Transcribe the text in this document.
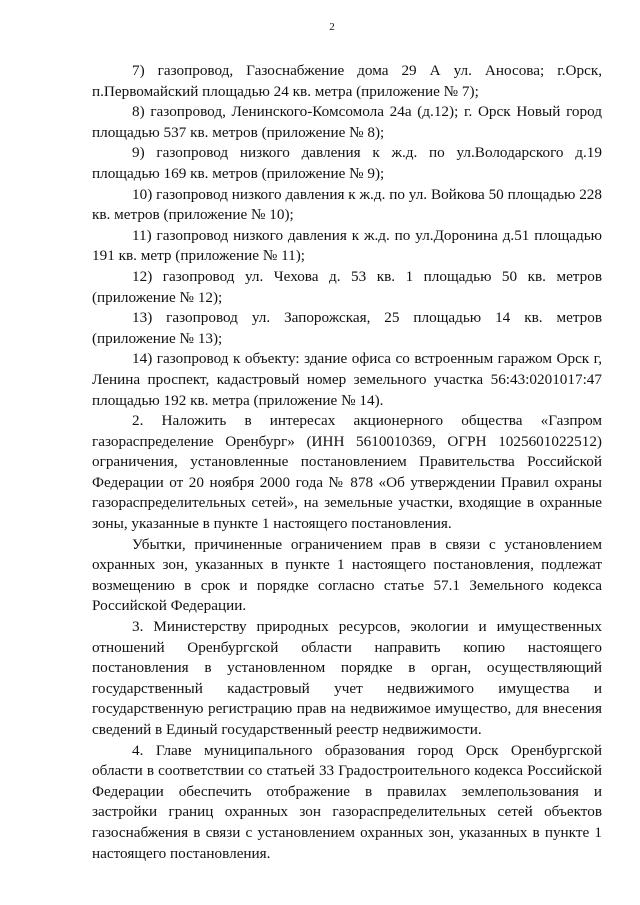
2

7) газопровод, Газоснабжение дома 29 А ул. Аносова; г.Орск, п.Первомайский площадью 24 кв. метра (приложение № 7);

8) газопровод, Ленинского-Комсомола 24а (д.12); г. Орск Новый город площадью 537 кв. метров (приложение № 8);

9) газопровод низкого давления к ж.д. по ул.Володарского д.19 площадью 169 кв. метров (приложение № 9);

10) газопровод низкого давления к ж.д. по ул. Войкова 50 площадью 228 кв. метров (приложение № 10);

11) газопровод низкого давления к ж.д. по ул.Доронина д.51 площадью 191 кв. метр (приложение № 11);

12) газопровод ул. Чехова д. 53 кв. 1 площадью 50 кв. метров (приложение № 12);

13) газопровод ул. Запорожская, 25 площадью 14 кв. метров (приложение № 13);

14) газопровод к объекту: здание офиса со встроенным гаражом Орск г, Ленина проспект, кадастровый номер земельного участка 56:43:0201017:47 площадью 192 кв. метра (приложение № 14).

2. Наложить в интересах акционерного общества «Газпром газораспределение Оренбург» (ИНН 5610010369, ОГРН 1025601022512) ограничения, установленные постановлением Правительства Российской Федерации от 20 ноября 2000 года № 878 «Об утверждении Правил охраны газораспределительных сетей», на земельные участки, входящие в охранные зоны, указанные в пункте 1 настоящего постановления.

Убытки, причиненные ограничением прав в связи с установлением охранных зон, указанных в пункте 1 настоящего постановления, подлежат возмещению в срок и порядке согласно статье 57.1 Земельного кодекса Российской Федерации.

3. Министерству природных ресурсов, экологии и имущественных отношений Оренбургской области направить копию настоящего постановления в установленном порядке в орган, осуществляющий государственный кадастровый учет недвижимого имущества и государственную регистрацию прав на недвижимое имущество, для внесения сведений в Единый государственный реестр недвижимости.

4. Главе муниципального образования город Орск Оренбургской области в соответствии со статьей 33 Градостроительного кодекса Российской Федерации обеспечить отображение в правилах землепользования и застройки границ охранных зон газораспределительных сетей объектов газоснабжения в связи с установлением охранных зон, указанных в пункте 1 настоящего постановления.
